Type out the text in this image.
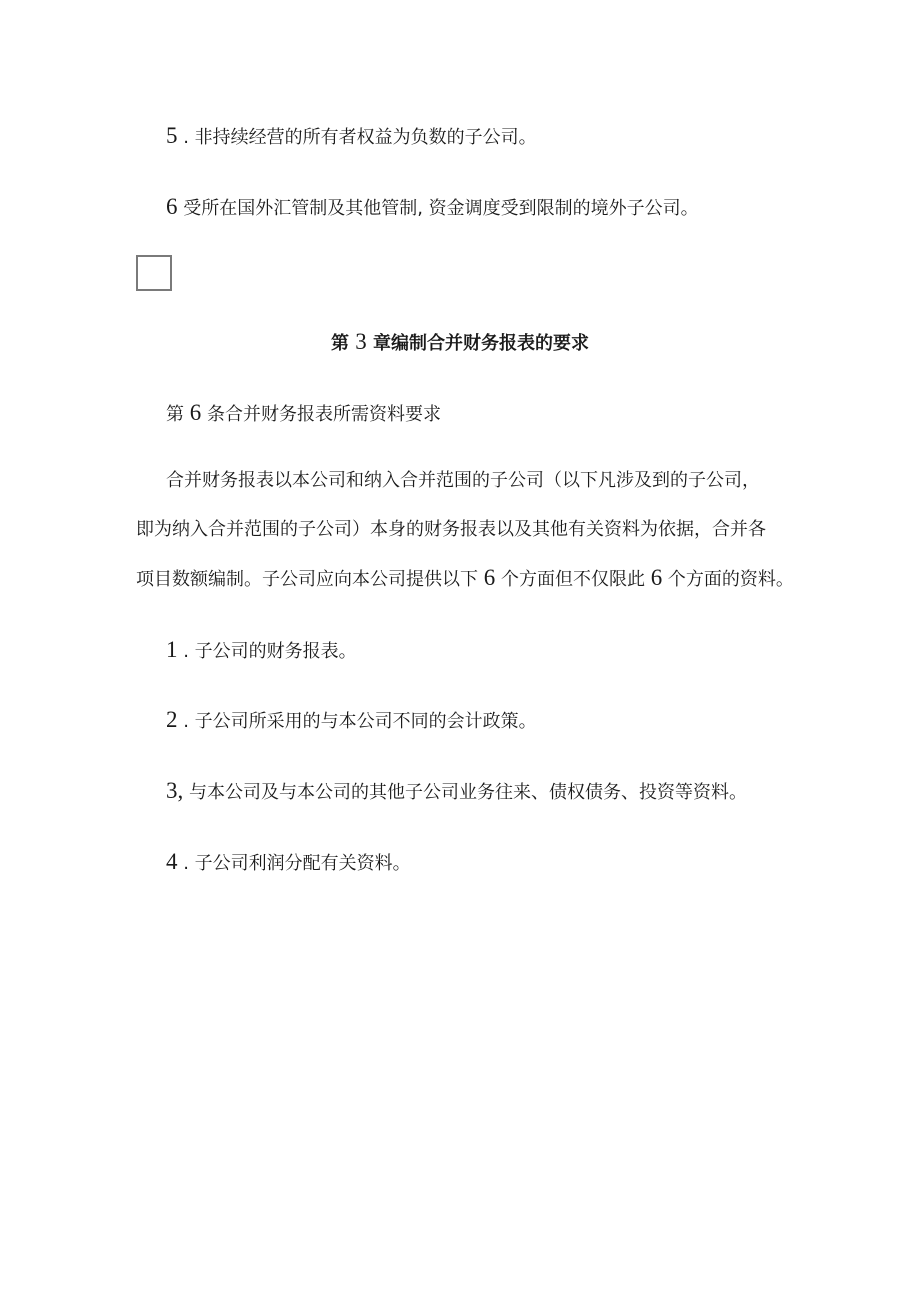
5 . 非持续经营的所有者权益为负数的子公司。
6 受所在国外汇管制及其他管制, 资金调度受到限制的境外子公司。
第 3 章编制合并财务报表的要求
第 6 条合并财务报表所需资料要求
合并财务报表以本公司和纳入合并范围的子公司（以下凡涉及到的子公司，
即为纳入合并范围的子公司）本身的财务报表以及其他有关资料为依据，合并各
项目数额编制。子公司应向本公司提供以下 6 个方面但不仅限此 6 个方面的资料。
1 . 子公司的财务报表。
2 . 子公司所采用的与本公司不同的会计政策。
3, 与本公司及与本公司的其他子公司业务往来、债权债务、投资等资料。
4 . 子公司利润分配有关资料。
